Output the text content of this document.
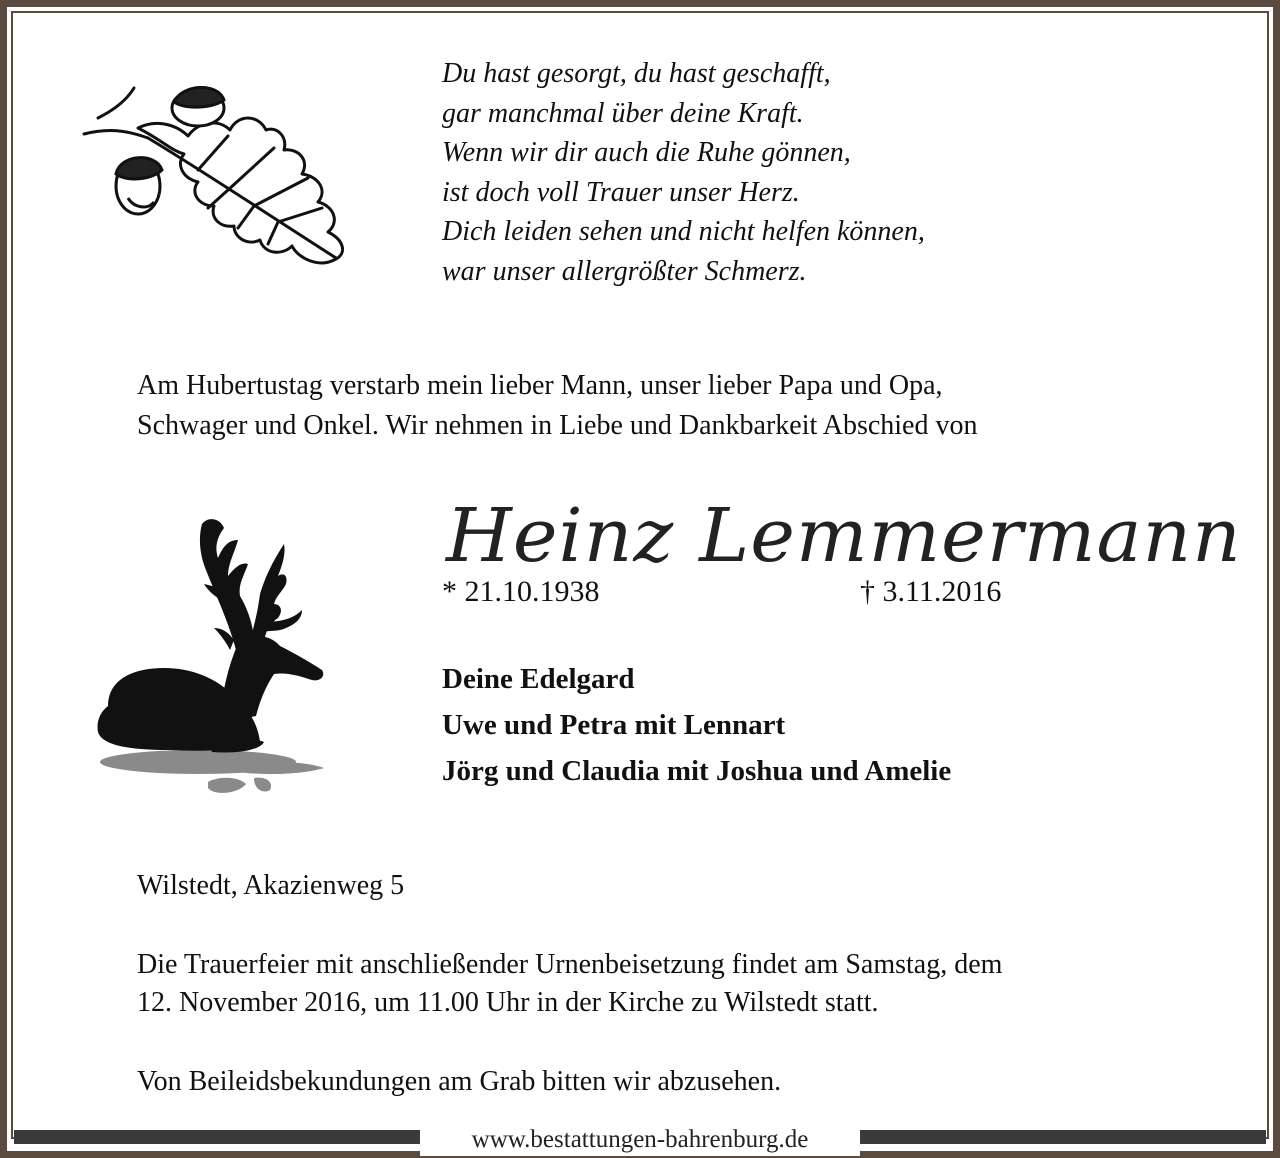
Du hast gesorgt, du hast geschafft,
gar manchmal über deine Kraft.
Wenn wir dir auch die Ruhe gönnen,
ist doch voll Trauer unser Herz.
Dich leiden sehen und nicht helfen können,
war unser allergrößter Schmerz.
Am Hubertustag verstarb mein lieber Mann, unser lieber Papa und Opa,
Schwager und Onkel. Wir nehmen in Liebe und Dankbarkeit Abschied von
Heinz Lemmermann
* 21.10.1938	† 3.11.2016
Deine Edelgard
Uwe und Petra mit Lennart
Jörg und Claudia mit Joshua und Amelie
Wilstedt, Akazienweg 5
Die Trauerfeier mit anschließender Urnenbeisetzung findet am Samstag, dem
12. November 2016, um 11.00 Uhr in der Kirche zu Wilstedt statt.
Von Beileidsbekundungen am Grab bitten wir abzusehen.
www.bestattungen-bahrenburg.de
